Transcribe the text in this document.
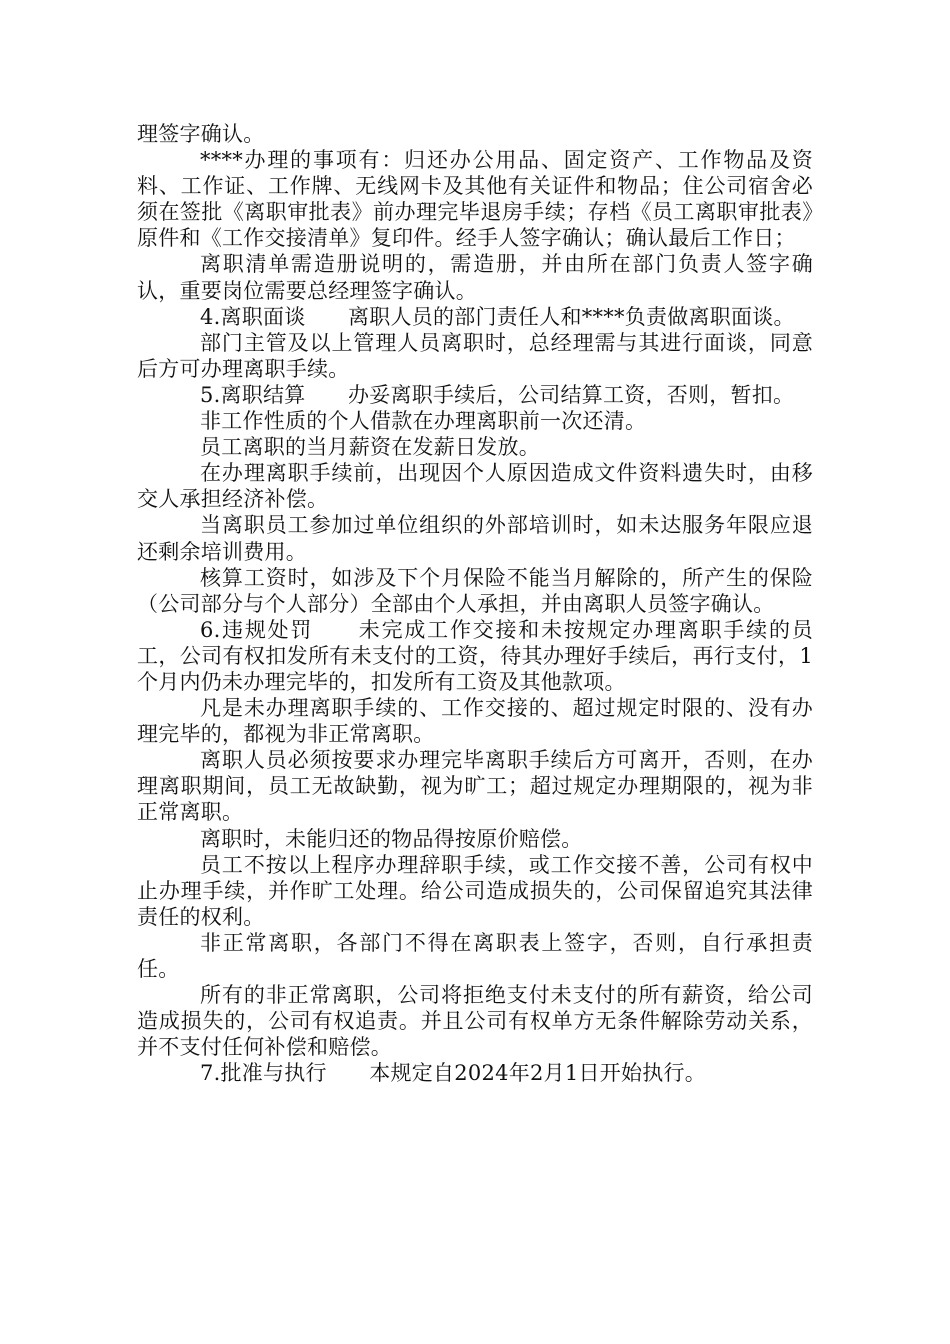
理签字确认。

****办理的事项有：归还办公用品、固定资产、工作物品及资料、工作证、工作牌、无线网卡及其他有关证件和物品；住公司宿舍必须在签批《离职审批表》前办理完毕退房手续；存档《员工离职审批表》原件和《工作交接清单》复印件。经手人签字确认；确认最后工作日；

离职清单需造册说明的，需造册，并由所在部门负责人签字确认，重要岗位需要总经理签字确认。

4.离职面谈　　离职人员的部门责任人和****负责做离职面谈。

部门主管及以上管理人员离职时，总经理需与其进行面谈，同意后方可办理离职手续。

5.离职结算　　办妥离职手续后，公司结算工资，否则，暂扣。

非工作性质的个人借款在办理离职前一次还清。

员工离职的当月薪资在发薪日发放。

在办理离职手续前，出现因个人原因造成文件资料遗失时，由移交人承担经济补偿。

当离职员工参加过单位组织的外部培训时，如未达服务年限应退还剩余培训费用。

核算工资时，如涉及下个月保险不能当月解除的，所产生的保险（公司部分与个人部分）全部由个人承担，并由离职人员签字确认。

6.违规处罚　　未完成工作交接和未按规定办理离职手续的员工，公司有权扣发所有未支付的工资，待其办理好手续后，再行支付，1个月内仍未办理完毕的，扣发所有工资及其他款项。

凡是未办理离职手续的、工作交接的、超过规定时限的、没有办理完毕的，都视为非正常离职。

离职人员必须按要求办理完毕离职手续后方可离开，否则，在办理离职期间，员工无故缺勤，视为旷工；超过规定办理期限的，视为非正常离职。

离职时，未能归还的物品得按原价赔偿。

员工不按以上程序办理辞职手续，或工作交接不善，公司有权中止办理手续，并作旷工处理。给公司造成损失的，公司保留追究其法律责任的权利。

非正常离职，各部门不得在离职表上签字，否则，自行承担责任。

所有的非正常离职，公司将拒绝支付未支付的所有薪资，给公司造成损失的，公司有权追责。并且公司有权单方无条件解除劳动关系，并不支付任何补偿和赔偿。

7.批准与执行　　本规定自2024年2月1日开始执行。
